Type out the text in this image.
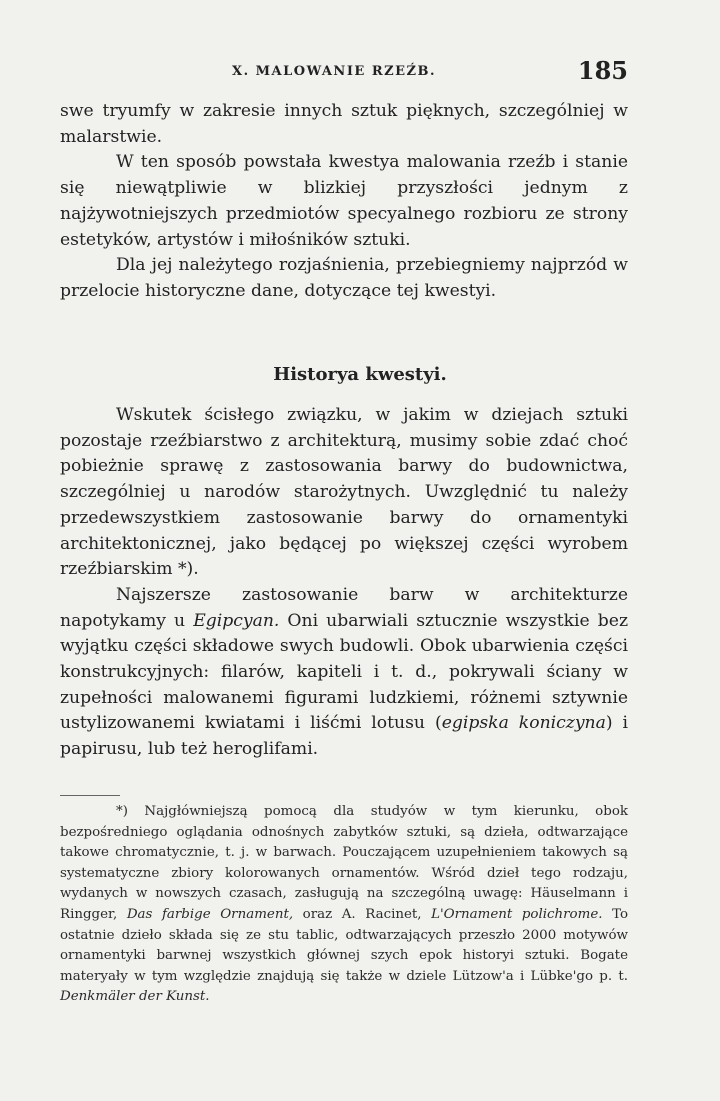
X. MALOWANIE RZEŹB.	185

swe tryumfy w zakresie innych sztuk pięknych, szczególniej w malarstwie.

W ten sposób powstała kwestya malowania rzeźb i stanie się niewątpliwie w blizkiej przyszłości jednym z najżywotniejszych przedmiotów specyalnego rozbioru ze strony estetyków, artystów i miłośników sztuki.

Dla jej należytego rozjaśnienia, przebiegniemy najprzód w przelocie historyczne dane, dotyczące tej kwestyi.

Historya kwestyi.

Wskutek ścisłego związku, w jakim w dziejach sztuki pozostaje rzeźbiarstwo z architekturą, musimy sobie zdać choć pobieżnie sprawę z zastosowania barwy do budownictwa, szczególniej u narodów starożytnych. Uwzględnić tu należy przedewszystkiem zastosowanie barwy do ornamentyki architektonicznej, jako będącej po większej części wyrobem rzeźbiarskim *).

Najszersze zastosowanie barw w architekturze napotykamy u Egipcyan. Oni ubarwiali sztucznie wszystkie bez wyjątku części składowe swych budowli. Obok ubarwienia części konstrukcyjnych: filarów, kapiteli i t. d., pokrywali ściany w zupełności malowanemi figurami ludzkiemi, różnemi sztywnie ustylizowanemi kwiatami i liśćmi lotusu (egipska koniczyna) i papirusu, lub też heroglifami.

*) Najgłówniejszą pomocą dla studyów w tym kierunku, obok bezpośredniego oglądania odnośnych zabytków sztuki, są dzieła, odtwarzające takowe chromatycznie, t. j. w barwach. Pouczającem uzupełnieniem takowych są systematyczne zbiory kolorowanych ornamentów. Wśród dzieł tego rodzaju, wydanych w nowszych czasach, zasługują na szczególną uwagę: Häuselmann i Ringger, Das farbige Ornament, oraz A. Racinet, L'Ornament polichrome. To ostatnie dzieło składa się ze stu tablic, odtwarzających przeszło 2000 motywów ornamentyki barwnej wszystkich głównej szych epok historyi sztuki. Bogate materyały w tym względzie znajdują się także w dziele Lützow'a i Lübke'go p. t. Denkmäler der Kunst.
